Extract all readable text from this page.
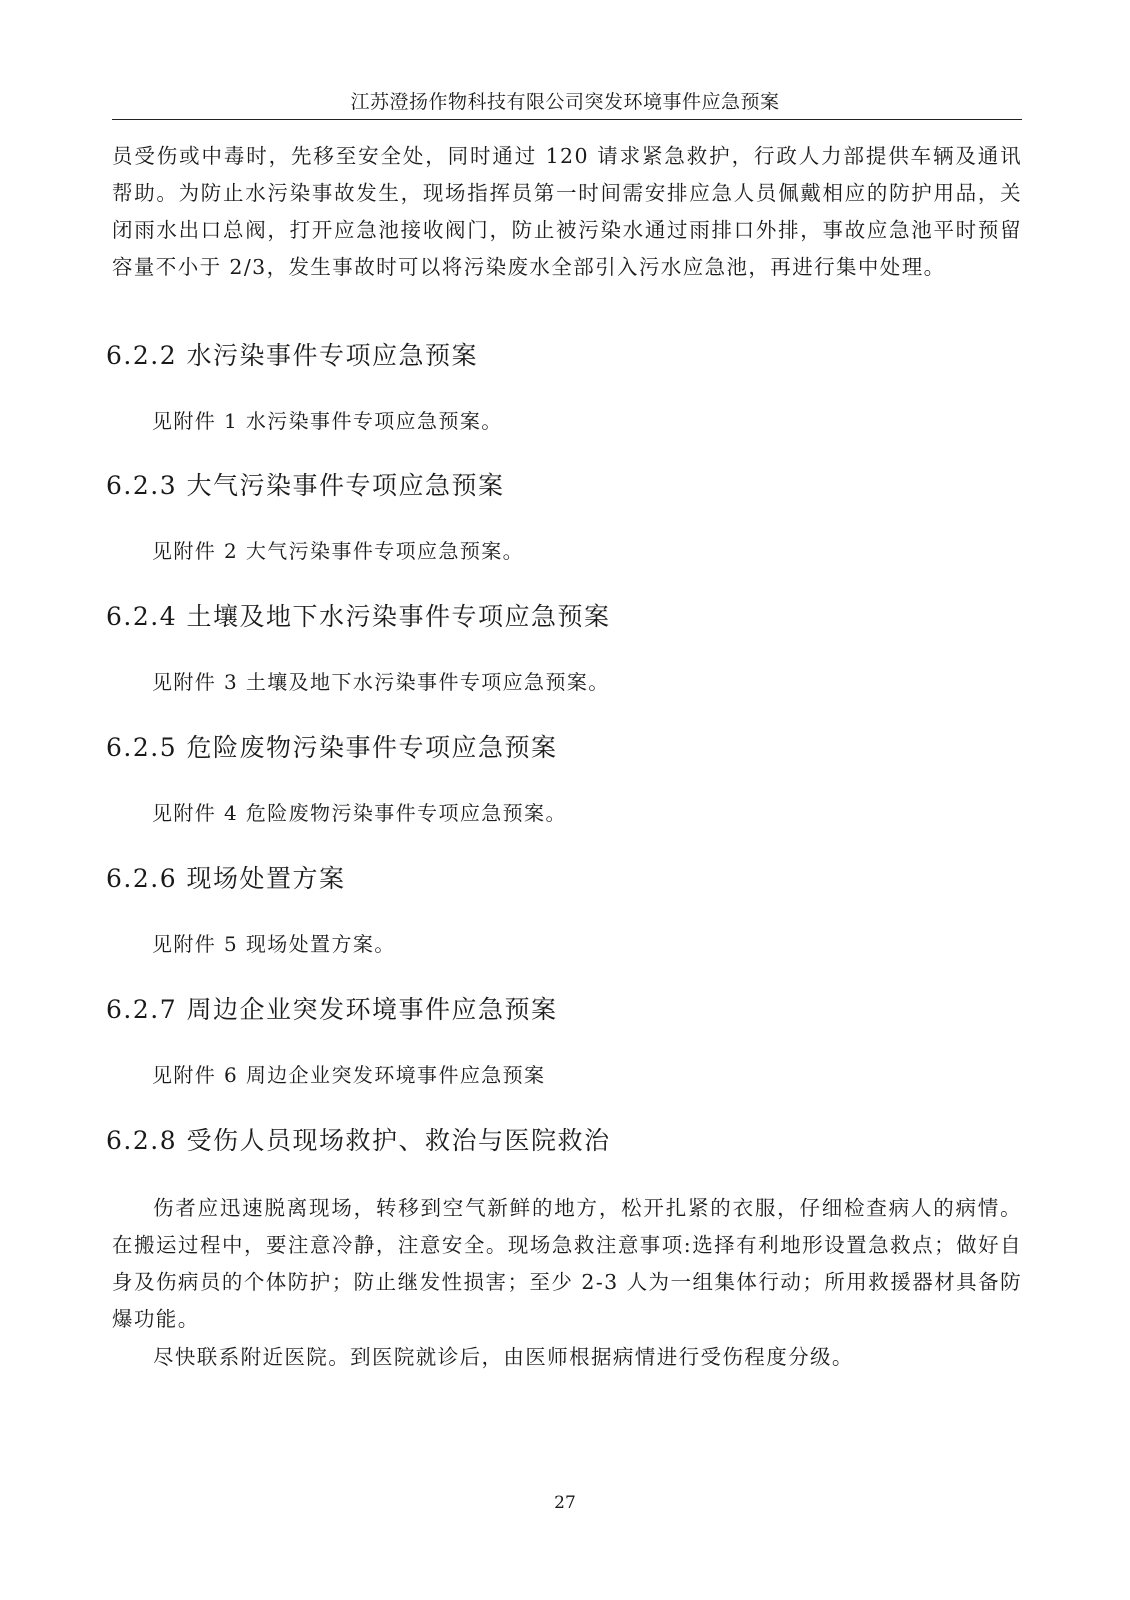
江苏澄扬作物科技有限公司突发环境事件应急预案

员受伤或中毒时，先移至安全处，同时通过 120 请求紧急救护，行政人力部提供车辆及通讯帮助。为防止水污染事故发生，现场指挥员第一时间需安排应急人员佩戴相应的防护用品，关闭雨水出口总阀，打开应急池接收阀门，防止被污染水通过雨排口外排，事故应急池平时预留容量不小于 2/3，发生事故时可以将污染废水全部引入污水应急池，再进行集中处理。

6.2.2 水污染事件专项应急预案

见附件 1 水污染事件专项应急预案。

6.2.3 大气污染事件专项应急预案

见附件 2 大气污染事件专项应急预案。

6.2.4 土壤及地下水污染事件专项应急预案

见附件 3 土壤及地下水污染事件专项应急预案。

6.2.5 危险废物污染事件专项应急预案

见附件 4 危险废物污染事件专项应急预案。

6.2.6 现场处置方案

见附件 5 现场处置方案。

6.2.7 周边企业突发环境事件应急预案

见附件 6 周边企业突发环境事件应急预案

6.2.8 受伤人员现场救护、救治与医院救治

伤者应迅速脱离现场，转移到空气新鲜的地方，松开扎紧的衣服，仔细检查病人的病情。在搬运过程中，要注意冷静，注意安全。现场急救注意事项:选择有利地形设置急救点；做好自身及伤病员的个体防护；防止继发性损害；至少 2-3 人为一组集体行动；所用救援器材具备防爆功能。

尽快联系附近医院。到医院就诊后，由医师根据病情进行受伤程度分级。

27
